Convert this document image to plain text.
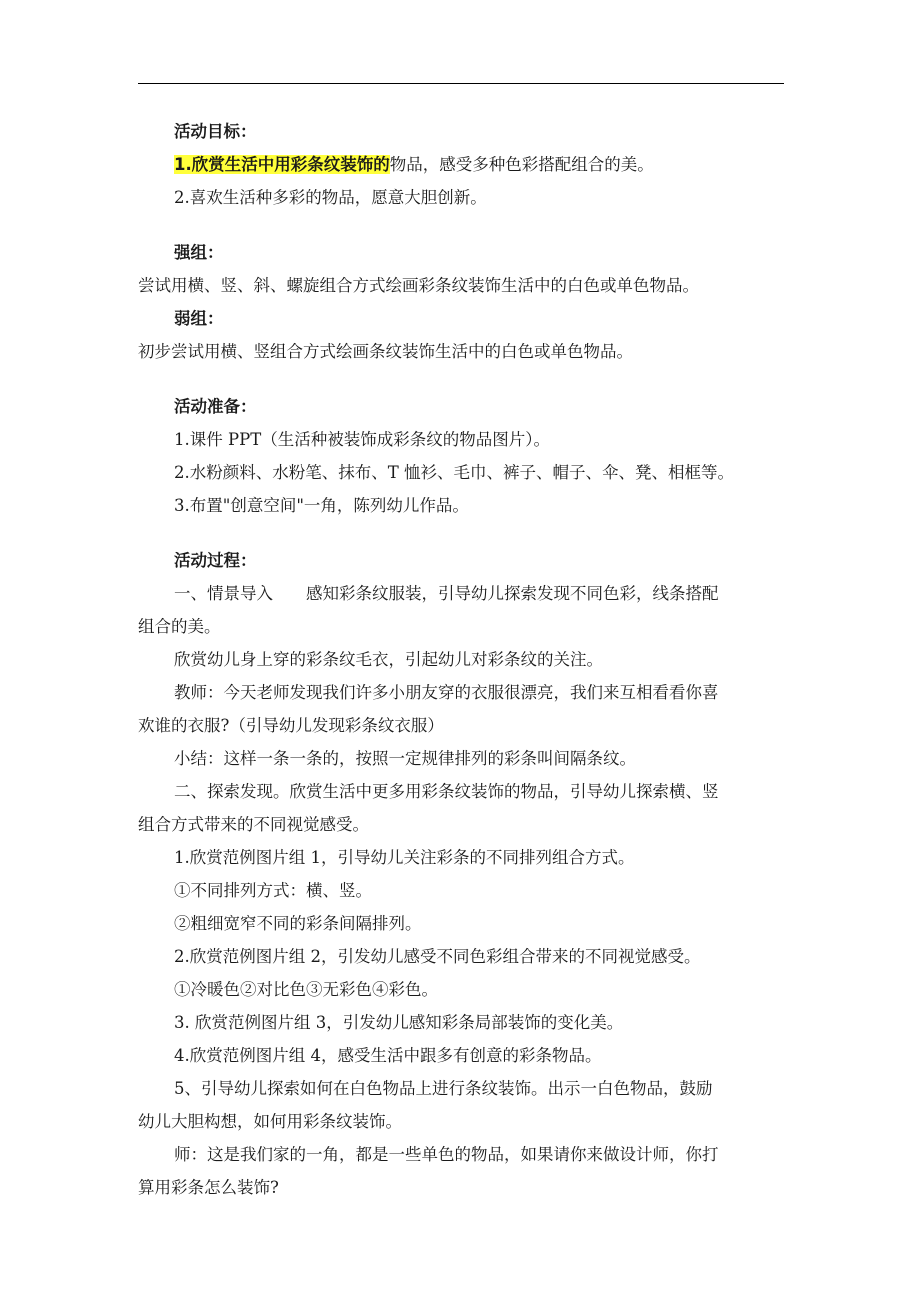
活动目标：
1.欣赏生活中用彩条纹装饰的物品，感受多种色彩搭配组合的美。
2.喜欢生活种多彩的物品，愿意大胆创新。
强组：
尝试用横、竖、斜、螺旋组合方式绘画彩条纹装饰生活中的白色或单色物品。
弱组：
初步尝试用横、竖组合方式绘画条纹装饰生活中的白色或单色物品。
活动准备：
1.课件 PPT（生活种被装饰成彩条纹的物品图片）。
2.水粉颜料、水粉笔、抹布、T 恤衫、毛巾、裤子、帽子、伞、凳、相框等。
3.布置"创意空间"一角，陈列幼儿作品。
活动过程：
一、情景导入　　感知彩条纹服装，引导幼儿探索发现不同色彩，线条搭配
组合的美。
欣赏幼儿身上穿的彩条纹毛衣，引起幼儿对彩条纹的关注。
教师：今天老师发现我们许多小朋友穿的衣服很漂亮，我们来互相看看你喜
欢谁的衣服?（引导幼儿发现彩条纹衣服）
小结：这样一条一条的，按照一定规律排列的彩条叫间隔条纹。
二、探索发现。欣赏生活中更多用彩条纹装饰的物品，引导幼儿探索横、竖
组合方式带来的不同视觉感受。
1.欣赏范例图片组 1，引导幼儿关注彩条的不同排列组合方式。
①不同排列方式：横、竖。
②粗细宽窄不同的彩条间隔排列。
2.欣赏范例图片组 2，引发幼儿感受不同色彩组合带来的不同视觉感受。
①冷暖色②对比色③无彩色④彩色。
3. 欣赏范例图片组 3，引发幼儿感知彩条局部装饰的变化美。
4.欣赏范例图片组 4，感受生活中跟多有创意的彩条物品。
5、引导幼儿探索如何在白色物品上进行条纹装饰。出示一白色物品，鼓励
幼儿大胆构想，如何用彩条纹装饰。
师：这是我们家的一角，都是一些单色的物品，如果请你来做设计师，你打
算用彩条怎么装饰?
